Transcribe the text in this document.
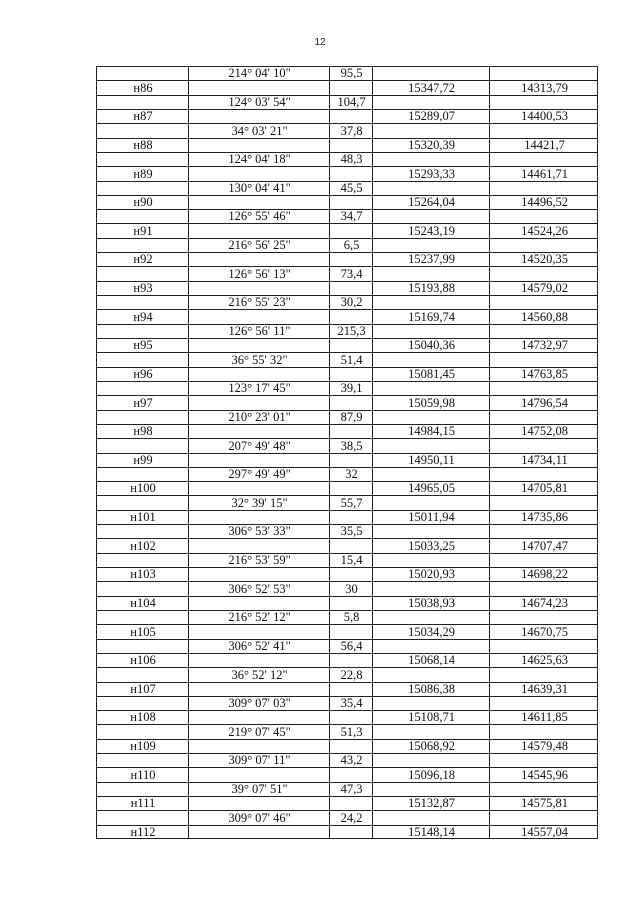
12
214° 04' 10"	95,5
н86	15347,72	14313,79
124° 03' 54"	104,7
н87	15289,07	14400,53
34° 03' 21"	37,8
н88	15320,39	14421,7
124° 04' 18"	48,3
н89	15293,33	14461,71
130° 04' 41"	45,5
н90	15264,04	14496,52
126° 55' 46"	34,7
н91	15243,19	14524,26
216° 56' 25"	6,5
н92	15237,99	14520,35
126° 56' 13"	73,4
н93	15193,88	14579,02
216° 55' 23"	30,2
н94	15169,74	14560,88
126° 56' 11"	215,3
н95	15040,36	14732,97
36° 55' 32"	51,4
н96	15081,45	14763,85
123° 17' 45"	39,1
н97	15059,98	14796,54
210° 23' 01"	87,9
н98	14984,15	14752,08
207° 49' 48"	38,5
н99	14950,11	14734,11
297° 49' 49"	32
н100	14965,05	14705,81
32° 39' 15"	55,7
н101	15011,94	14735,86
306° 53' 33"	35,5
н102	15033,25	14707,47
216° 53' 59"	15,4
н103	15020,93	14698,22
306° 52' 53"	30
н104	15038,93	14674,23
216° 52' 12"	5,8
н105	15034,29	14670,75
306° 52' 41"	56,4
н106	15068,14	14625,63
36° 52' 12"	22,8
н107	15086,38	14639,31
309° 07' 03"	35,4
н108	15108,71	14611,85
219° 07' 45"	51,3
н109	15068,92	14579,48
309° 07' 11"	43,2
н110	15096,18	14545,96
39° 07' 51"	47,3
н111	15132,87	14575,81
309° 07' 46"	24,2
н112	15148,14	14557,04
